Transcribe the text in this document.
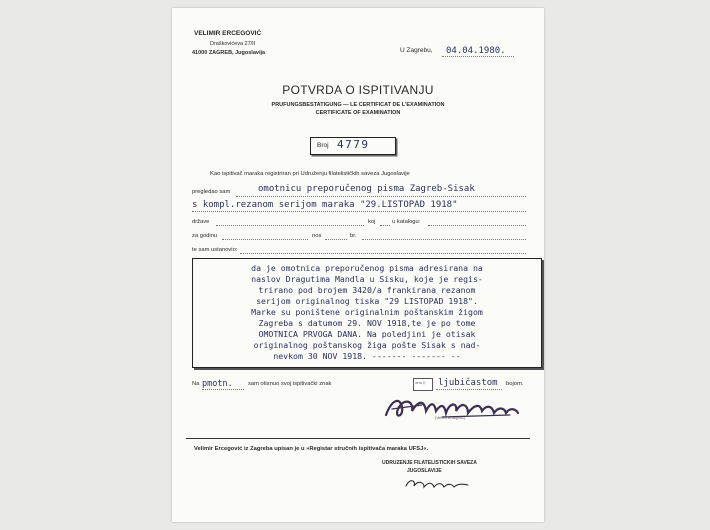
VELIMIR ERCEGOVIĆ
Draškovićeva 27/II
41000 ZAGREB, Jugoslavija	U Zagrebu, 04.04.1980.
POTVRDA O ISPITIVANJU
PRUFUNGSBESTATIGUNG — LE CERTIFICAT DE L'EXAMINATION
CERTIFICATE OF EXAMINATION
Broj 4779
Kao ispitivač maraka registriran pri Udruženju filatelističkih saveza Jugoslavije
pregledao sam	omotnicu preporučenog pisma Zagreb-Sisak
s kompl.rezanom serijom maraka "29.LISTOPAD 1918"
države	koj	u katalogu:
za godinu	nos	br.
te sam ustanovio:
da je omotnica preporučenog pisma adresirana na
naslov Dragutima Mandla u Sisku, koje je regis-
trirano pod brojem 3420/a frankirana rezanom
serijom originalnog tiska "29 LISTOPAD 1918".
Marke su poništene originalnim poštanskim žigom
Zagreba s datumom 29. NOV 1918,te je po tome
OMOTNICA PRVOGA DANA. Na poledjini je otisak
originalnog poštanskog žiga pošte Sisak s nad-
nevkom 30 NOV 1918. ------- ------- --
Na pmotn.	sam otisnuo svoj ispitivački znak	4779 Ⓔ ljubičastom bojom.
(Velimir Ercegović)
Velimir Ercegović iz Zagreba upisan je u »Registar stručnih ispitivača maraka UFSJ«.
UDRUZENJE FILATELISTICKIH SAVEZA
JUGOSLAVIJE
